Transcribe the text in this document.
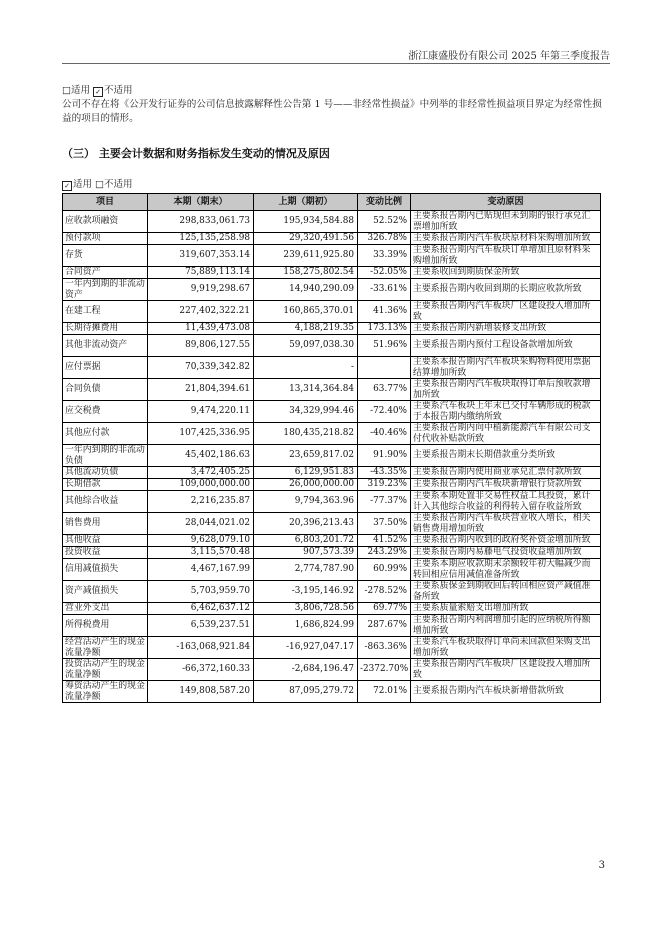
浙江康盛股份有限公司 2025 年第三季度报告
□适用 ✓ 不适用
公司不存在将《公开发行证券的公司信息披露解释性公告第 1 号——非经常性损益》中列举的非经常性损益项目界定为经常性损益的项目的情形。
（三） 主要会计数据和财务指标发生变动的情况及原因
✓ 适用 □不适用
项目	本期（期末）	上期（期初）	变动比例	变动原因
应收款项融资	298,833,061.73	195,934,584.88	52.52%	主要系报告期内已贴现但未到期的银行承兑汇票增加所致
预付款项	125,135,258.98	29,320,491.56	326.78%	主要系报告期内汽车板块原材料采购增加所致
存货	319,607,353.14	239,611,925.80	33.39%	主要系报告期内汽车板块订单增加且原材料采购增加所致
合同资产	75,889,113.14	158,275,802.54	-52.05%	主要系收回到期质保金所致
一年内到期的非流动资产	9,919,298.67	14,940,290.09	-33.61%	主要系报告期内收回到期的长期应收款所致
在建工程	227,402,322.21	160,865,370.01	41.36%	主要系报告期内汽车板块厂区建设投入增加所致
长期待摊费用	11,439,473.08	4,188,219.35	173.13%	主要系报告期内新增装修支出所致
其他非流动资产	89,806,127.55	59,097,038.30	51.96%	主要系报告期内预付工程设备款增加所致
应付票据	70,339,342.82	-		主要系本报告期内汽车板块采购物料使用票据结算增加所致
合同负债	21,804,394.61	13,314,364.84	63.77%	主要系报告期内汽车板块取得订单后预收款增加所致
应交税费	9,474,220.11	34,329,994.46	-72.40%	主要系汽车板块上年末已交付车辆形成的税款于本报告期内缴纳所致
其他应付款	107,425,336.95	180,435,218.82	-40.46%	主要系报告期内向中植新能源汽车有限公司支付代收补贴款所致
一年内到期的非流动负债	45,402,186.63	23,659,817.02	91.90%	主要系报告期末长期借款重分类所致
其他流动负债	3,472,405.25	6,129,951.83	-43.35%	主要系报告期内使用商业承兑汇票付款所致
长期借款	109,000,000.00	26,000,000.00	319.23%	主要系报告期内汽车板块新增银行贷款所致
其他综合收益	2,216,235.87	9,794,363.96	-77.37%	主要系本期处置非交易性权益工具投资，累计计入其他综合收益的利得转入留存收益所致
销售费用	28,044,021.02	20,396,213.43	37.50%	主要系报告期内汽车板块营业收入增长，相关销售费用增加所致
其他收益	9,628,079.10	6,803,201.72	41.52%	主要系报告期内收到的政府奖补资金增加所致
投资收益	3,115,570.48	907,573.39	243.29%	主要系报告期内易藤电气投资收益增加所致
信用减值损失	4,467,167.99	2,774,787.90	60.99%	主要系本期应收款期末余额较年初大幅减少而转回相应信用减值准备所致
资产减值损失	5,703,959.70	-3,195,146.92	-278.52%	主要系质保金到期收回后转回相应资产减值准备所致
营业外支出	6,462,637.12	3,806,728.56	69.77%	主要系质量索赔支出增加所致
所得税费用	6,539,237.51	1,686,824.99	287.67%	主要系报告期内利润增加引起的应纳税所得额增加所致
经营活动产生的现金流量净额	-163,068,921.84	-16,927,047.17	-863.36%	主要系汽车板块取得订单尚未回款但采购支出增加所致
投资活动产生的现金流量净额	-66,372,160.33	-2,684,196.47	-2372.70%	主要系报告期内汽车板块厂区建设投入增加所致
筹资活动产生的现金流量净额	149,808,587.20	87,095,279.72	72.01%	主要系报告期内汽车板块新增借款所致
3
